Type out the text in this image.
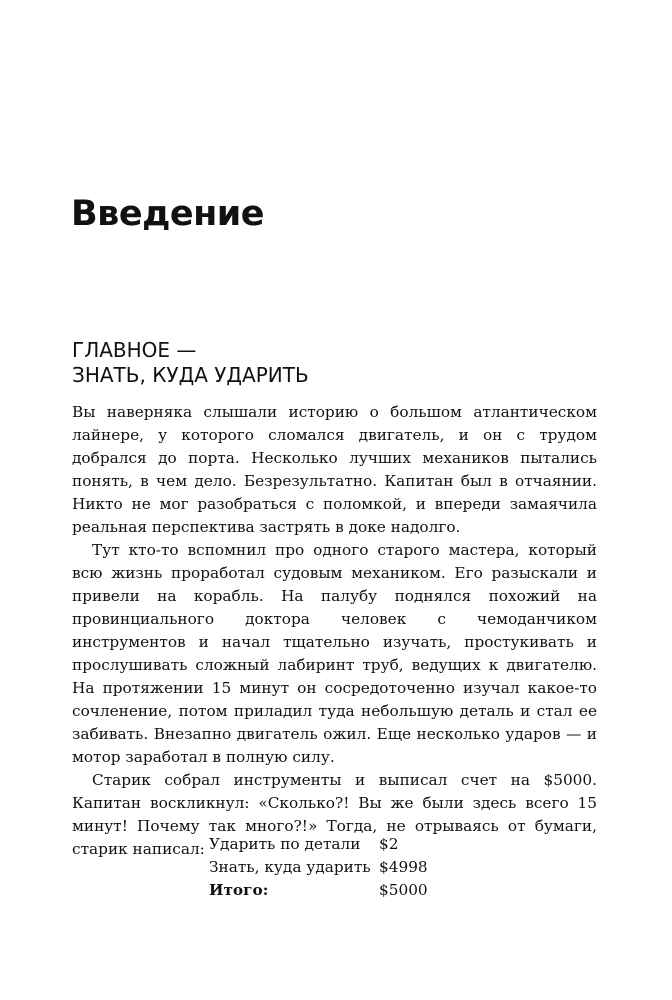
Введение
ГЛАВНОЕ —
ЗНАТЬ, КУДА УДАРИТЬ

Вы наверняка слышали историю о большом атлантическом лайнере, у которого сломался двигатель, и он с трудом добрался до порта. Несколько лучших механиков пытались понять, в чем дело. Безрезультатно. Капитан был в отчаянии. Никто не мог разобраться с поломкой, и впереди замаячила реальная перспектива застрять в доке надолго.

Тут кто-то вспомнил про одного старого мастера, который всю жизнь проработал судовым механиком. Его разыскали и привели на корабль. На палубу поднялся похожий на провинциального доктора человек с чемоданчиком инструментов и начал тщательно изучать, простукивать и прослушивать сложный лабиринт труб, ведущих к двигателю. На протяжении 15 минут он сосредоточенно изучал какое-то сочленение, потом приладил туда небольшую деталь и стал ее забивать. Внезапно двигатель ожил. Еще несколько ударов — и мотор заработал в полную силу.

Старик собрал инструменты и выписал счет на $5000. Капитан воскликнул: «Сколько?! Вы же были здесь всего 15 минут! Почему так много?!» Тогда, не отрываясь от бумаги, старик написал: Ударить по детали	$2
Знать, куда ударить	$4998
Итого:	$5000
